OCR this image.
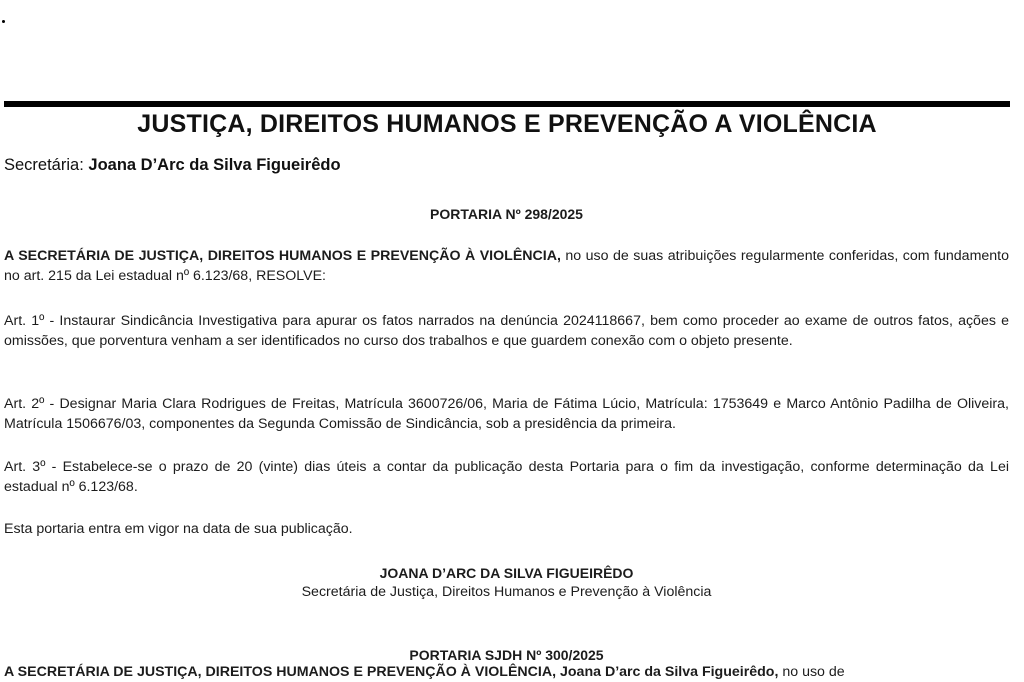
JUSTIÇA, DIREITOS HUMANOS E PREVENÇÃO A VIOLÊNCIA
Secretária: Joana D’Arc da Silva Figueirêdo
PORTARIA Nº 298/2025
A SECRETÁRIA DE JUSTIÇA, DIREITOS HUMANOS E PREVENÇÃO À VIOLÊNCIA, no uso de suas atribuições regularmente conferidas, com fundamento no art. 215 da Lei estadual nº 6.123/68, RESOLVE:
Art. 1º - Instaurar Sindicância Investigativa para apurar os fatos narrados na denúncia 2024118667, bem como proceder ao exame de outros fatos, ações e omissões, que porventura venham a ser identificados no curso dos trabalhos e que guardem conexão com o objeto presente.
Art. 2º - Designar Maria Clara Rodrigues de Freitas, Matrícula 3600726/06, Maria de Fátima Lúcio, Matrícula: 1753649 e Marco Antônio Padilha de Oliveira, Matrícula 1506676/03, componentes da Segunda Comissão de Sindicância, sob a presidência da primeira.
Art. 3º - Estabelece-se o prazo de 20 (vinte) dias úteis a contar da publicação desta Portaria para o fim da investigação, conforme determinação da Lei estadual nº 6.123/68.
Esta portaria entra em vigor na data de sua publicação.
JOANA D’ARC DA SILVA FIGUEIRÊDO
Secretária de Justiça, Direitos Humanos e Prevenção à Violência
PORTARIA SJDH Nº 300/2025
A SECRETÁRIA DE JUSTIÇA, DIREITOS HUMANOS E PREVENÇÃO À VIOLÊNCIA, Joana D’arc da Silva Figueirêdo, no uso de
